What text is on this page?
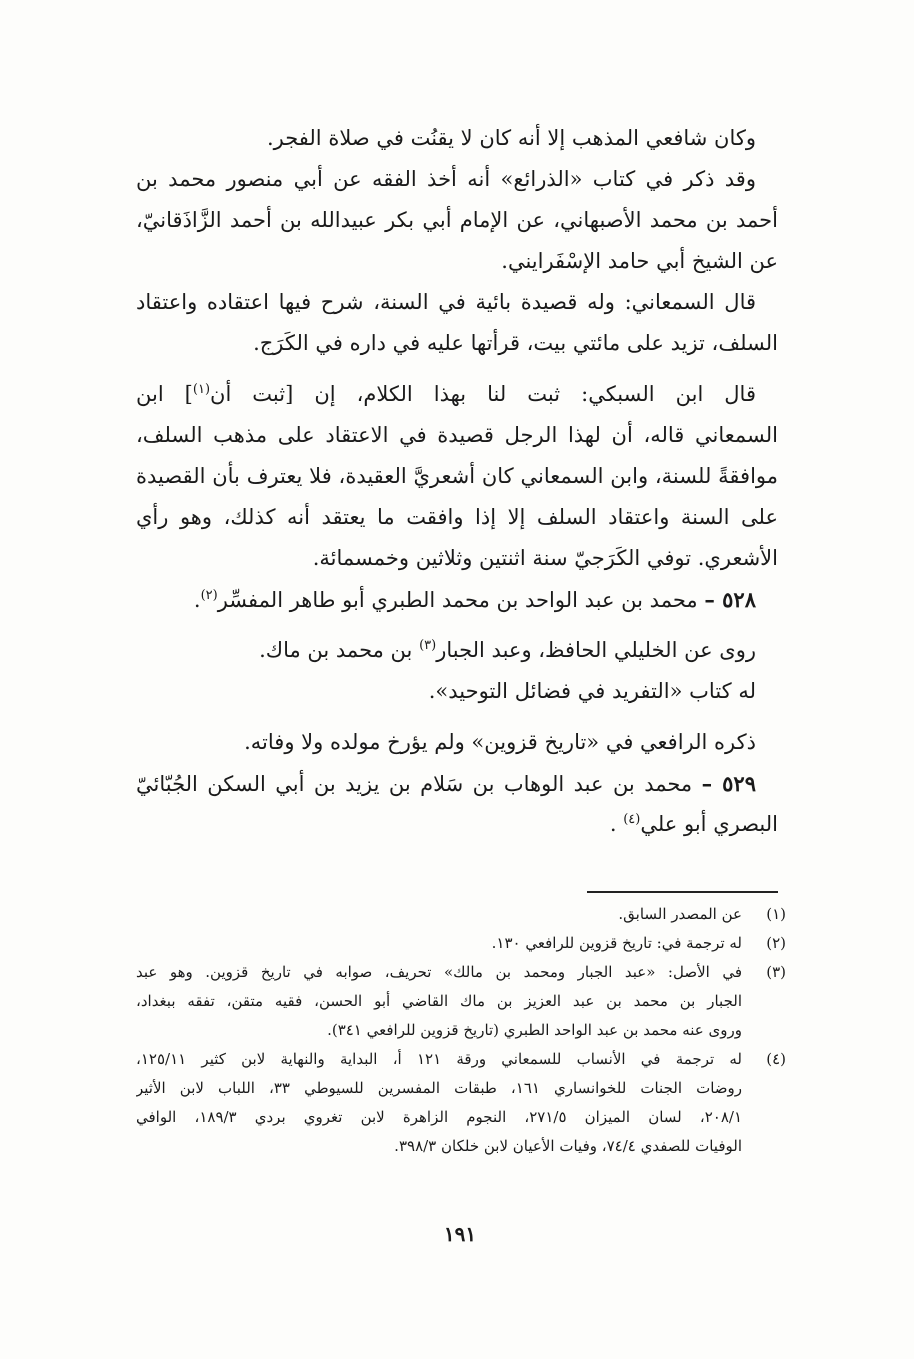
وكان شافعي المذهب إلا أنه كان لا يقنُت في صلاة الفجر.
وقد ذكر في كتاب «الذرائع» أنه أخذ الفقه عن أبي منصور محمد بن
أحمد بن محمد الأصبهاني، عن الإمام أبي بكر عبيدالله بن أحمد الزَّاذَقانيّ،
عن الشيخ أبي حامد الإسْفَرايني.
قال السمعاني: وله قصيدة بائية في السنة، شرح فيها اعتقاده واعتقاد
السلف، تزيد على مائتي بيت، قرأتها عليه في داره في الكَرَج.
قال ابن السبكي: ثبت لنا بهذا الكلام، إن [ثبت أن$^{(١)}$] ابن
السمعاني قاله، أن لهذا الرجل قصيدة في الاعتقاد على مذهب السلف،
موافقةً للسنة، وابن السمعاني كان أشعريَّ العقيدة، فلا يعترف بأن القصيدة
على السنة واعتقاد السلف إلا إذا وافقت ما يعتقد أنه كذلك، وهو رأي
الأشعري. توفي الكَرَجيّ سنة اثنتين وثلاثين وخمسمائة.
٥٢٨ – محمد بن عبد الواحد بن محمد الطبري أبو طاهر المفسِّر$^{(٢)}$.
روى عن الخليلي الحافظ، وعبد الجبار$^{(٣)}$ بن محمد بن ماك.
له كتاب «التفريد في فضائل التوحيد».
ذكره الرافعي في «تاريخ قزوين» ولم يؤرخ مولده ولا وفاته.
٥٢٩ – محمد بن عبد الوهاب بن سَلام بن يزيد بن أبي السكن الجُبّائيّ
البصري أبو علي$^{(٤)}$ .
(١)
عن المصدر السابق.
(٢)
له ترجمة في: تاريخ قزوين للرافعي ١٣٠.
(٣)
في الأصل: «عبد الجبار ومحمد بن مالك» تحريف، صوابه في تاريخ قزوين. وهو عبد
الجبار بن محمد بن عبد العزيز بن ماك القاضي أبو الحسن، فقيه متقن، تفقه ببغداد،
وروى عنه محمد بن عبد الواحد الطبري (تاريخ قزوين للرافعي ٣٤١).
(٤)
له ترجمة في الأنساب للسمعاني ورقة ١٢١ أ، البداية والنهاية لابن كثير ١٢٥/١١،
روضات الجنات للخوانساري ١٦١، طبقات المفسرين للسيوطي ٣٣، اللباب لابن الأثير
٢٠٨/١، لسان الميزان ٢٧١/٥، النجوم الزاهرة لابن تغروي بردي ١٨٩/٣، الوافي
الوفيات للصفدي ٧٤/٤، وفيات الأعيان لابن خلكان ٣٩٨/٣.
١٩١
